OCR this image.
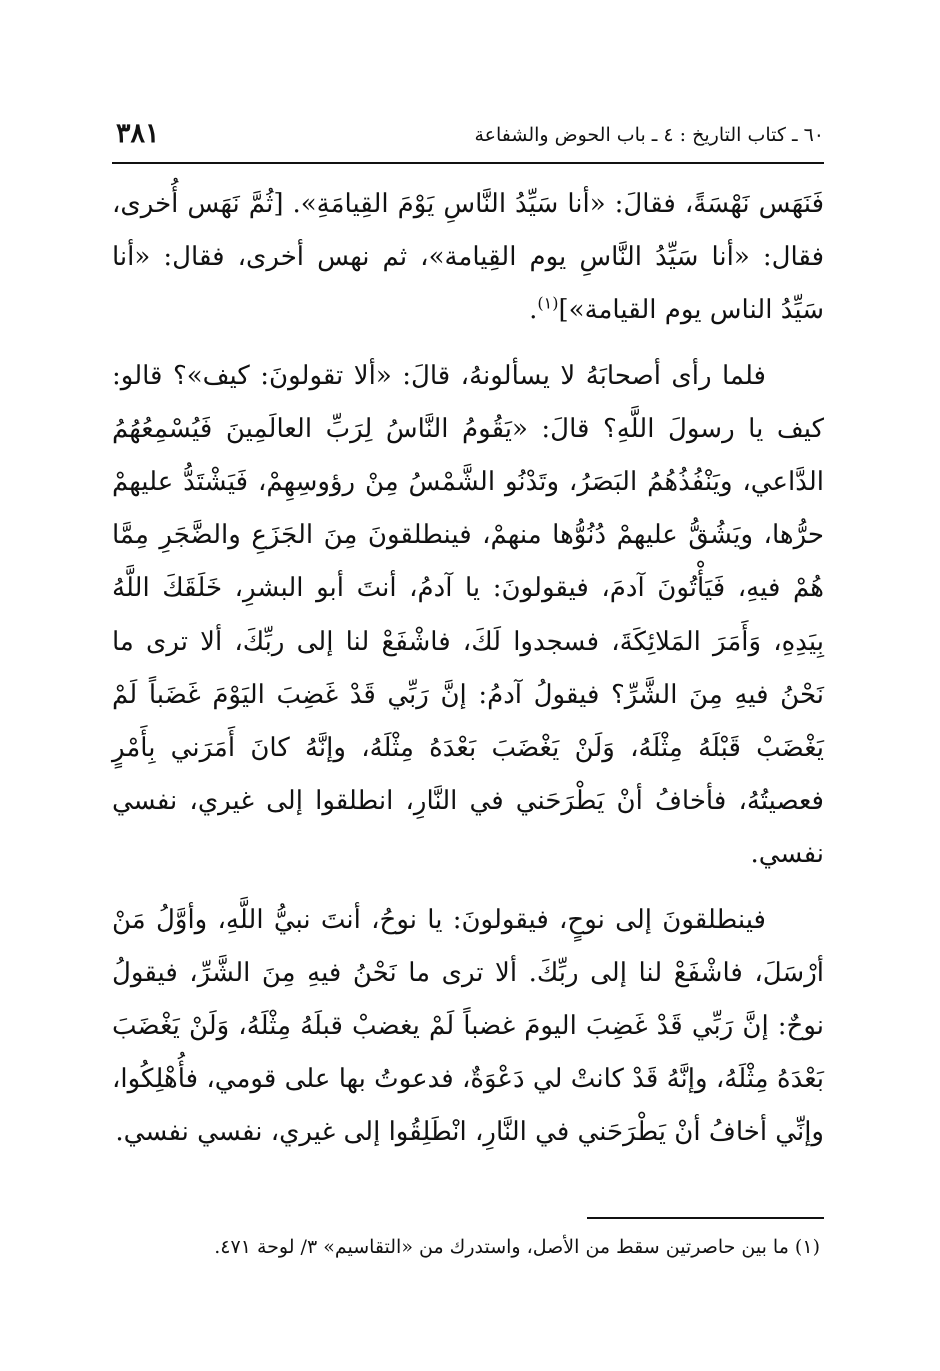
٦٠ ـ كتاب التاريخ : ٤ ـ باب الحوض والشفاعة
٣٨١

فَنَهَس نَهْسَةً، فقالَ: «أنا سَيِّدُ النَّاسِ يَوْمَ القِيامَةِ». [ثُمَّ نَهَس أُخرى، فقال: «أنا سَيِّدُ النَّاسِ يوم القِيامة»، ثم نهس أخرى، فقال: «أنا سَيِّدُ الناس يوم القيامة»]$^{(١)}$.

فلما رأى أصحابَهُ لا يسألونهُ، قالَ: «ألا تقولونَ: كيف»؟ قالو: كيف يا رسولَ اللَّهِ؟ قالَ: «يَقُومُ النَّاسُ لِرَبِّ العالَمِينَ فَيُسْمِعُهُمُ الدَّاعي، ويَنْفُذُهُمُ البَصَرُ، وتَدْنُو الشَّمْسُ مِنْ رؤوسِهِمْ، فَيَشْتَدُّ عليهمْ حرُّها، ويَشُقُّ عليهمْ دُنُوُّها منهمْ، فينطلقونَ مِنَ الجَزَعِ والضَّجَرِ مِمَّا هُمْ فيهِ، فَيَأْتُونَ آدمَ، فيقولونَ: يا آدمُ، أنتَ أبو البشرِ، خَلَقَكَ اللَّهُ بِيَدِهِ، وَأَمَرَ المَلائِكَةَ، فسجدوا لَكَ، فاشْفَعْ لنا إلى ربِّكَ، ألا ترى ما نَحْنُ فيهِ مِنَ الشَّرِّ؟ فيقولُ آدمُ: إنَّ رَبِّي قَدْ غَضِبَ اليَوْمَ غَضَباً لَمْ يَغْضَبْ قَبْلَهُ مِثْلَهُ، وَلَنْ يَغْضَبَ بَعْدَهُ مِثْلَهُ، وإنَّهُ كانَ أَمَرَني بِأَمْرٍ فعصيتُهُ، فأخافُ أنْ يَطْرَحَني في النَّارِ، انطلقوا إلى غيري، نفسي نفسي.

فينطلقونَ إلى نوحٍ، فيقولونَ: يا نوحُ، أنتَ نبيُّ اللَّهِ، وأوَّلُ مَنْ أرْسَلَ، فاشْفَعْ لنا إلى ربِّكَ. ألا ترى ما نَحْنُ فيهِ مِنَ الشَّرِّ، فيقولُ نوحٌ: إنَّ رَبِّي قَدْ غَضِبَ اليومَ غضباً لَمْ يغضبْ قبلَهُ مِثْلَهُ، وَلَنْ يَغْضَبَ بَعْدَهُ مِثْلَهُ، وإنَّهُ قَدْ كانتْ لي دَعْوَةٌ، فدعوتُ بها على قومي، فأُهْلِكُوا، وإنِّي أخافُ أنْ يَطْرَحَني في النَّارِ، انْطَلِقُوا إلى غيري، نفسي نفسي.

(١) ما بين حاصرتين سقط من الأصل، واستدرك من «التقاسيم» ٣/ لوحة ٤٧١.
